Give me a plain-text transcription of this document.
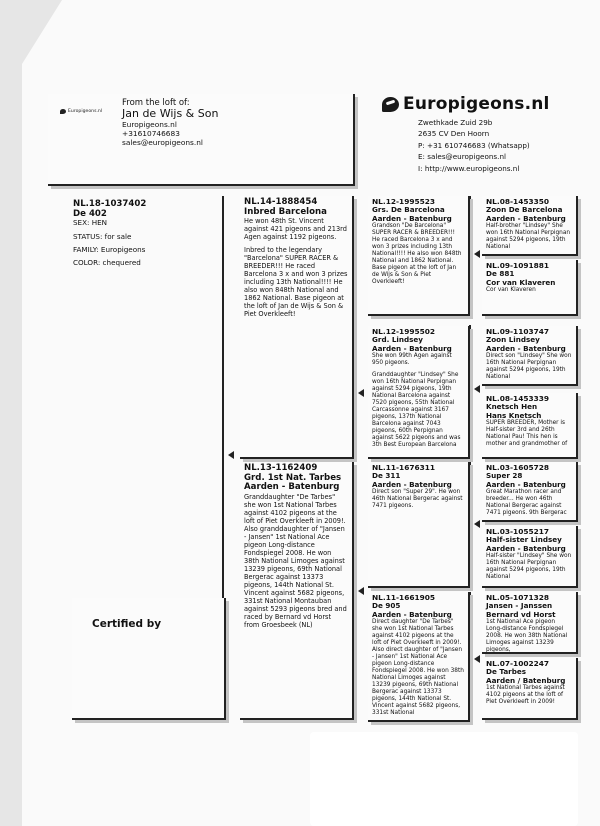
Europigeons.nl
From the loft of:
Jan de Wijs & Son
Europigeons.nl
+31610746683
sales@europigeons.nl
Europigeons.nl
Zwethkade Zuid 29b
2635 CV Den Hoorn
P: +31 610746683 (Whatsapp)
E: sales@europigeons.nl
I: http://www.europigeons.nl
NL.18-1037402
De 402
SEX: HEN
STATUS: for sale
FAMILY: Europigeons
COLOR: chequered
NL.14-1888454
Inbred Barcelona
He won 48th St. Vincent against 421 pigeons and 213rd Agen against 1192 pigeons.
Inbred to the legendary "Barcelona" SUPER RACER & BREEDER!!! He raced Barcelona 3 x and won 3 prizes including 13th National!!!! He also won 848th National and 1862 National. Base pigeon at the loft of Jan de Wijs & Son & Piet Overkleeft!
NL.13-1162409
Grd. 1st Nat. Tarbes
Aarden - Batenburg
Granddaughter "De Tarbes" she won 1st National Tarbes against 4102 pigeons at the loft of Piet Overkleeft in 2009!. Also granddaughter of "Jansen - Jansen" 1st National Ace pigeon Long-distance Fondspiegel 2008. He won 38th National Limoges against 13239 pigeons, 69th National Bergerac against 13373 pigeons, 144th National St. Vincent against 5682 pigeons, 331st National Montauban against 5293 pigeons bred and raced by Bernard vd Horst from Groesbeek (NL)
NL.12-1995523
Grs. De Barcelona
Aarden - Batenburg
Grandson "De Barcelona" SUPER RACER & BREEDER!!! He raced Barcelona 3 x and won 3 prizes including 13th National!!!! He also won 848th National and 1862 National. Base pigeon at the loft of Jan de Wijs & Son & Piet Overkleeft!
NL.12-1995502
Grd. Lindsey
Aarden - Batenburg
She won 99th Agen against 950 pigeons.
Granddaughter "Lindsey" She won 16th National Perpignan against 5294 pigeons, 19th National Barcelona against 7520 pigeons, 55th National Carcassonne against 3167 pigeons, 137th National Barcelona against 7043 pigeons, 60th Perpignan against 5622 pigeons and was 3th Best European Barcelona
NL.11-1676311
De 311
Aarden - Batenburg
Direct son "Super 29". He won 46th National Bergerac against 7471 pigeons.
NL.11-1661905
De 905
Aarden - Batenburg
Direct daughter "De Tarbes" she won 1st National Tarbes against 4102 pigeons at the loft of Piet Overkleeft in 2009!. Also direct daughter of "Jansen - Jansen" 1st National Ace pigeon Long-distance Fondspiegel 2008. He won 38th National Limoges against 13239 pigeons, 69th National Bergerac against 13373 pigeons, 144th National St. Vincent against 5682 pigeons, 331st National
NL.08-1453350
Zoon De Barcelona
Aarden - Batenburg
Half-brother "Lindsey" She won 16th National Perpignan against 5294 pigeons, 19th National
NL.09-1091881
De 881
Cor van Klaveren
Cor van Klaveren
NL.09-1103747
Zoon Lindsey
Aarden - Batenburg
Direct son "Lindsey" She won 16th National Perpignan against 5294 pigeons, 19th National
NL.08-1453339
Knetsch Hen
Hans Knetsch
SUPER BREEDER, Mother is Half-sister 3rd and 26th National Pau! This hen is mother and grandmother of
NL.03-1605728
Super 28
Aarden - Batenburg
Great Marathon racer and breeder... He won 46th National Bergerac against 7471 pigeons. 9th Bergerac
NL.03-1055217
Half-sister Lindsey
Aarden - Batenburg
Half-sister "Lindsey" She won 16th National Perpignan against 5294 pigeons, 19th National
NL.05-1071328
Jansen - Janssen
Bernard vd Horst
1st National Ace pigeon Long-distance Fondspiegel 2008. He won 38th National Limoges against 13239 pigeons,
NL.07-1002247
De Tarbes
Aarden / Batenburg
1st National Tarbes against 4102 pigeons at the loft of Piet Overkleeft in 2009!
Certified by
